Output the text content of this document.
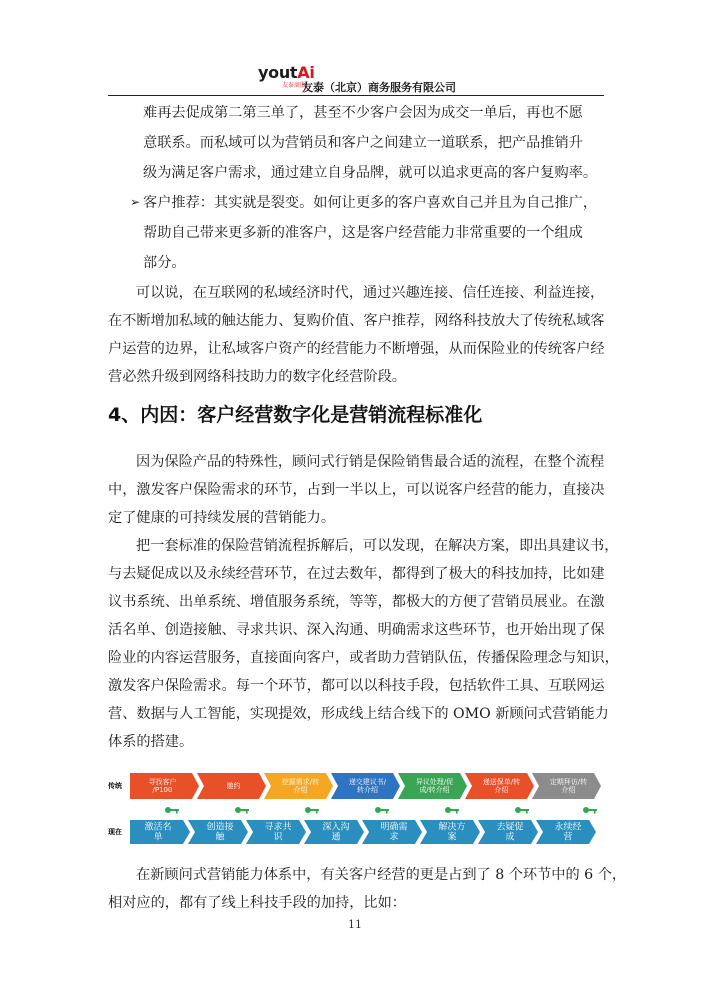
youtAi
友泰商服
友泰（北京）商务服务有限公司
难再去促成第二第三单了，甚至不少客户会因为成交一单后，再也不愿
意联系。而私域可以为营销员和客户之间建立一道联系，把产品推销升
级为满足客户需求，通过建立自身品牌，就可以追求更高的客户复购率。
➢ 客户推荐：其实就是裂变。如何让更多的客户喜欢自己并且为自己推广，
帮助自己带来更多新的准客户，这是客户经营能力非常重要的一个组成
部分。
可以说，在互联网的私域经济时代，通过兴趣连接、信任连接、利益连接，
在不断增加私域的触达能力、复购价值、客户推荐，网络科技放大了传统私域客
户运营的边界，让私域客户资产的经营能力不断增强，从而保险业的传统客户经
营必然升级到网络科技助力的数字化经营阶段。
4、内因：客户经营数字化是营销流程标准化
因为保险产品的特殊性，顾问式行销是保险销售最合适的流程，在整个流程
中，激发客户保险需求的环节，占到一半以上，可以说客户经营的能力，直接决
定了健康的可持续发展的营销能力。
把一套标准的保险营销流程拆解后，可以发现，在解决方案，即出具建议书，
与去疑促成以及永续经营环节，在过去数年，都得到了极大的科技加持，比如建
议书系统、出单系统、增值服务系统，等等，都极大的方便了营销员展业。在激
活名单、创造接触、寻求共识、深入沟通、明确需求这些环节，也开始出现了保
险业的内容运营服务，直接面向客户，或者助力营销队伍，传播保险理念与知识，
激发客户保险需求。每一个环节，都可以以科技手段，包括软件工具、互联网运
营、数据与人工智能，实现提效，形成线上结合线下的 OMO 新顾问式营销能力
体系的搭建。
传统
现在
寻找客户
/P100	邀约	挖掘需求/转
介绍
递交建议书/
转介绍
异议处理/促
成/转介绍
递送保单/转
介绍
定期拜访/转
介绍
激活名
单
创造接
触
寻求共
识
深入沟
通
明确需
求
解决方
案
去疑促
成
永续经
营
在新顾问式营销能力体系中，有关客户经营的更是占到了 8 个环节中的 6 个，
相对应的，都有了线上科技手段的加持，比如：
11
